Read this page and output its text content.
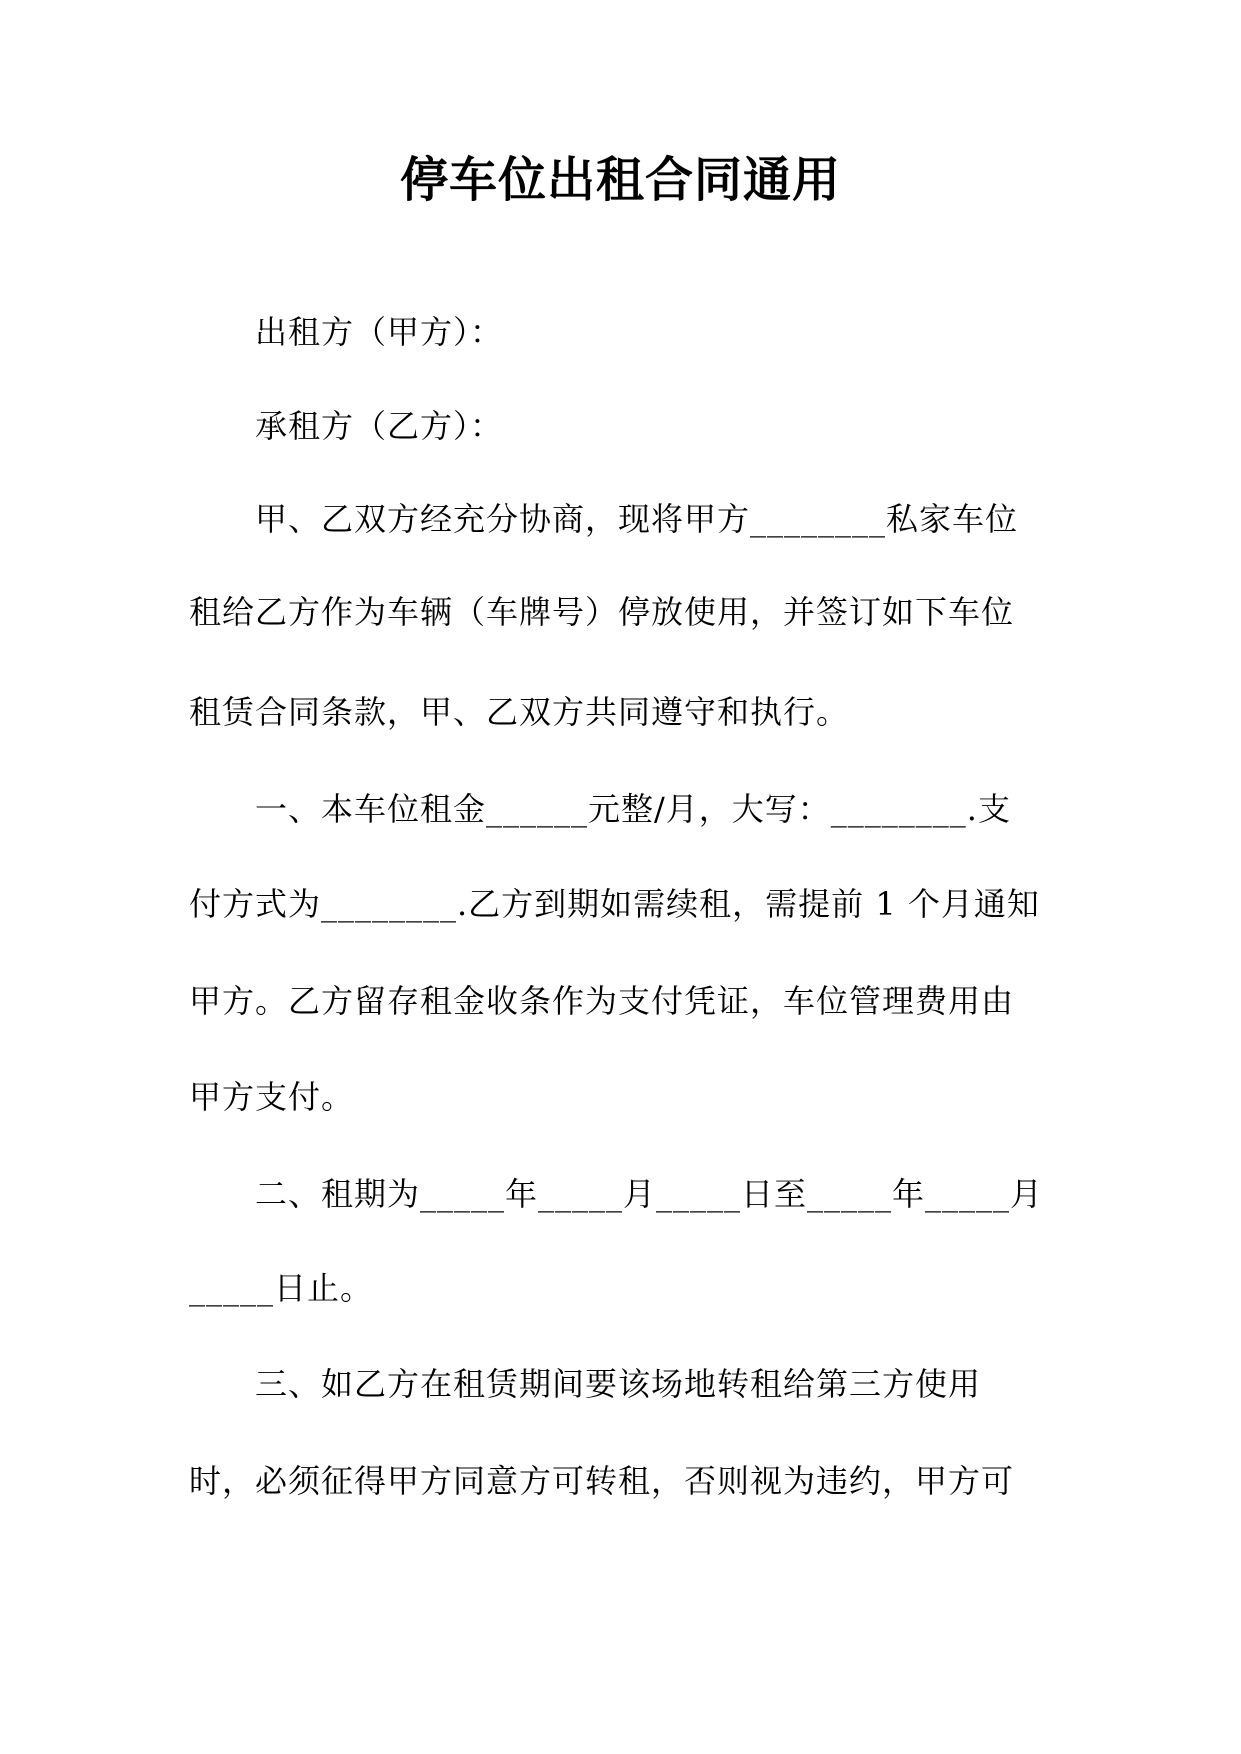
停车位出租合同通用
出租方（甲方）：
承租方（乙方）：
甲、乙双方经充分协商，现将甲方________私家车位
租给乙方作为车辆（车牌号）停放使用，并签订如下车位
租赁合同条款，甲、乙双方共同遵守和执行。
一、本车位租金______元整/月，大写：________.支
付方式为________.乙方到期如需续租，需提前 1 个月通知
甲方。乙方留存租金收条作为支付凭证，车位管理费用由
甲方支付。
二、租期为_____年_____月_____日至_____年_____月
_____日止。
三、如乙方在租赁期间要该场地转租给第三方使用
时，必须征得甲方同意方可转租，否则视为违约，甲方可
